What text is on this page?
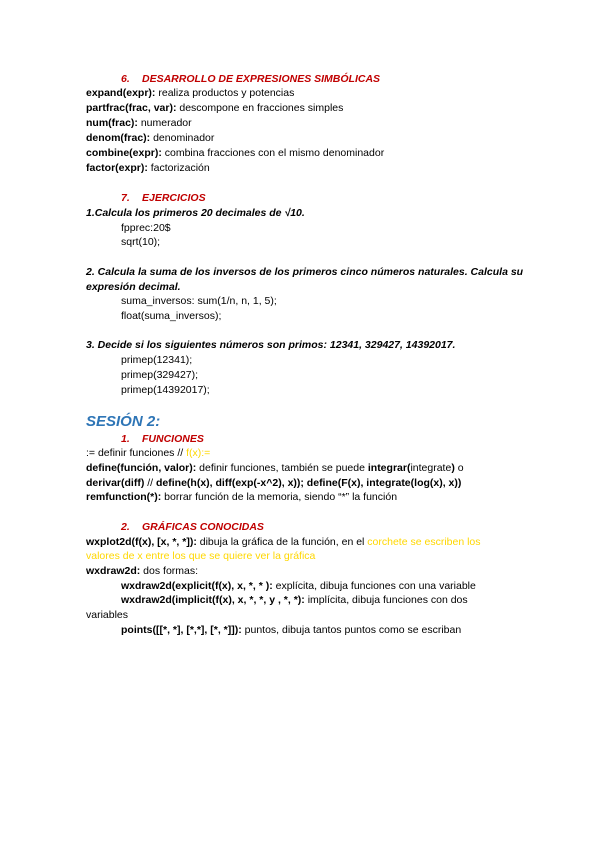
6. DESARROLLO DE EXPRESIONES SIMBÓLICAS
expand(expr): realiza productos y potencias
partfrac(frac, var): descompone en fracciones simples
num(frac): numerador
denom(frac): denominador
combine(expr): combina fracciones con el mismo denominador
factor(expr): factorización
7. EJERCICIOS
1.Calcula los primeros 20 decimales de √10.
fpprec:20$
sqrt(10);
2. Calcula la suma de los inversos de los primeros cinco números naturales. Calcula su
expresión decimal.
suma_inversos: sum(1/n, n, 1, 5);
float(suma_inversos);
3. Decide si los siguientes números son primos: 12341, 329427, 14392017.
primep(12341);
primep(329427);
primep(14392017);
SESIÓN 2:
1. FUNCIONES
:= definir funciones // f(x):=
define(función, valor): definir funciones, también se puede integrar(integrate) o
derivar(diff) // define(h(x), diff(exp(-x^2), x)); define(F(x), integrate(log(x), x))
remfunction(*): borrar función de la memoria, siendo “*” la función
2. GRÁFICAS CONOCIDAS
wxplot2d(f(x), [x, *, *]): dibuja la gráfica de la función, en el corchete se escriben los
valores de x entre los que se quiere ver la gráfica
wxdraw2d: dos formas:
wxdraw2d(explicit(f(x), x, *, * ): explícita, dibuja funciones con una variable
wxdraw2d(implicit(f(x), x, *, *, y , *, *): implícita, dibuja funciones con dos
variables
points([[*, *], [*,*], [*, *]]): puntos, dibuja tantos puntos como se escriban
